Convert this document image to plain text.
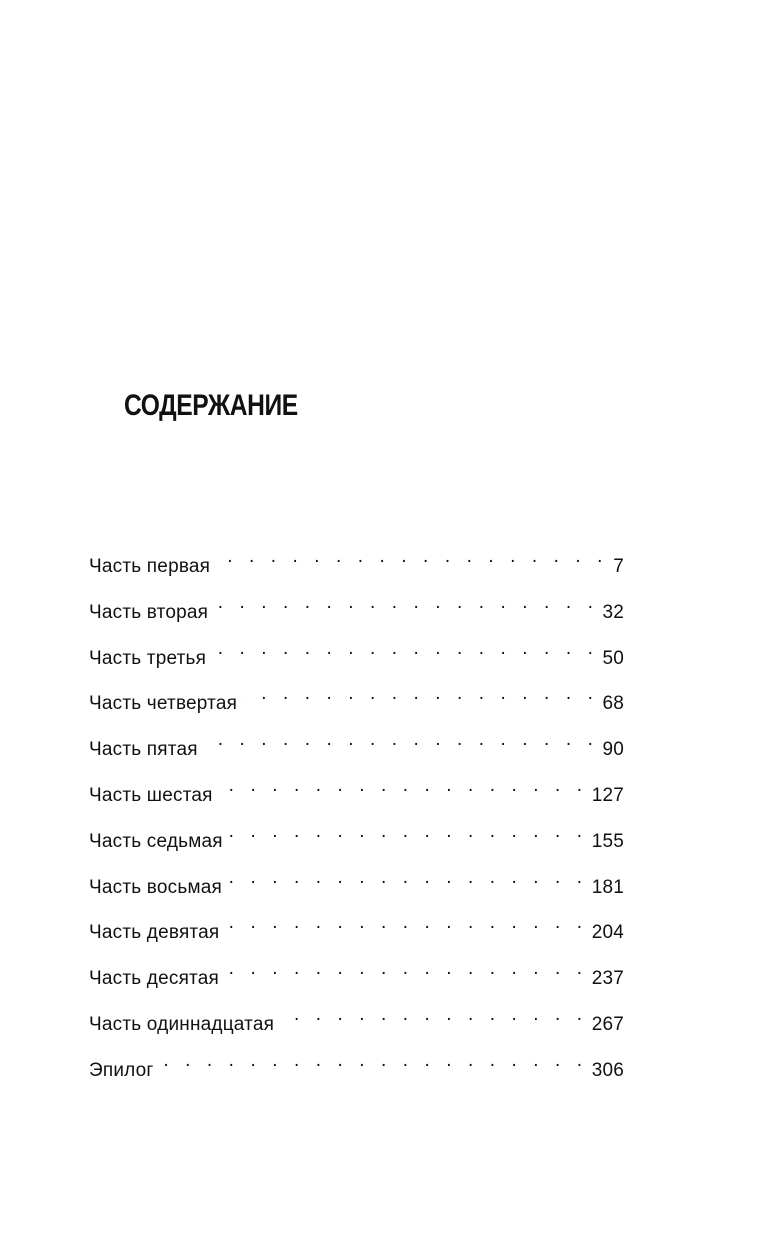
СОДЕРЖАНИЕ
Часть первая . . .	7
Часть вторая . . .	32
Часть третья . . .	50
Часть четвертая . . .	68
Часть пятая . . .	90
Часть шестая . . .	127
Часть седьмая . . .	155
Часть восьмая . . .	181
Часть девятая . . .	204
Часть десятая . . .	237
Часть одиннадцатая . . .	267
Эпилог . . .	306
